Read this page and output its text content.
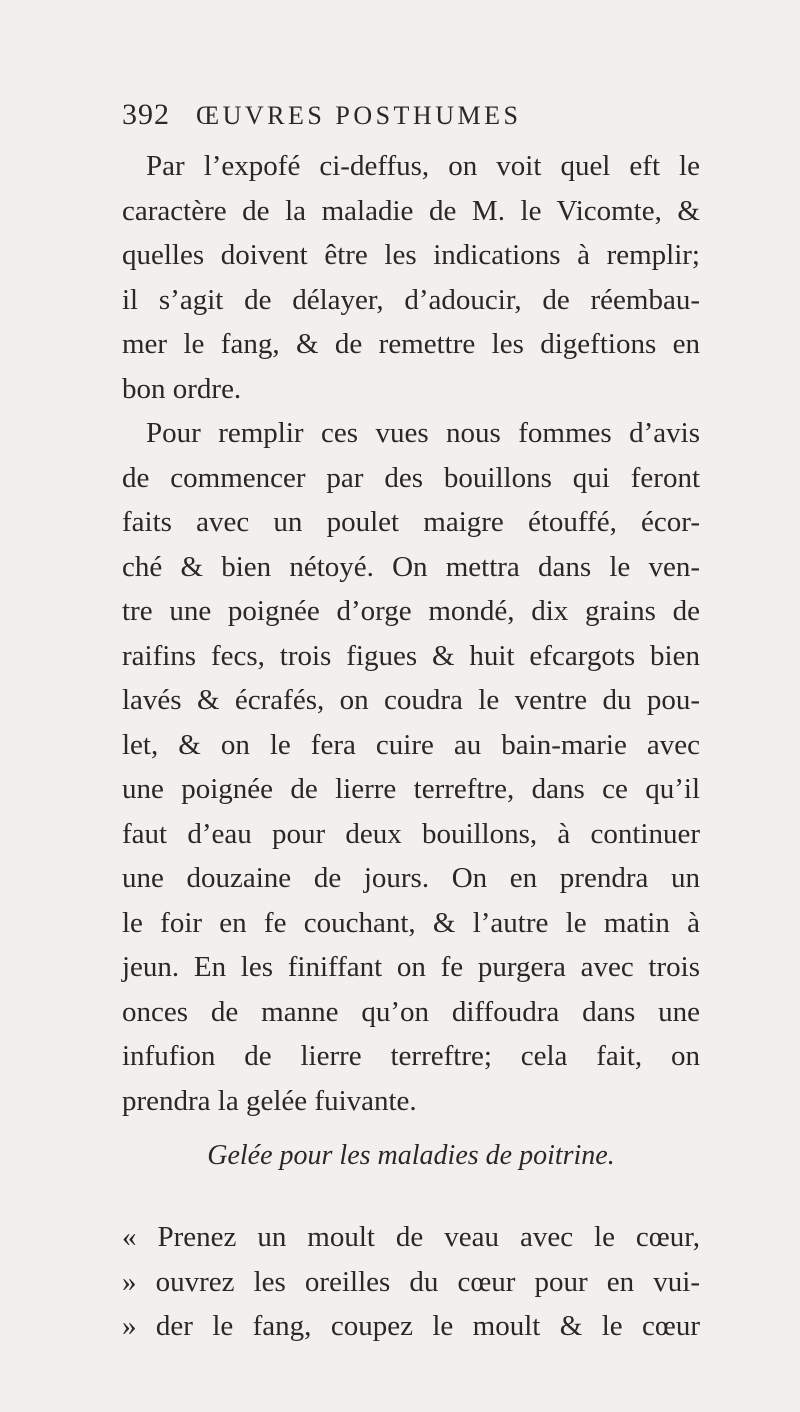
392 ŒUVRES POSTHUMES
Par l’expofé ci-deffus, on voit quel eft le
caractère de la maladie de M. le Vicomte, &
quelles doivent être les indications à remplir;
il s’agit de délayer, d’adoucir, de réembau-
mer le fang, & de remettre les digeftions en
bon ordre.
Pour remplir ces vues nous fommes d’avis
de commencer par des bouillons qui feront
faits avec un poulet maigre étouffé, écor-
ché & bien nétoyé. On mettra dans le ven-
tre une poignée d’orge mondé, dix grains de
raifins fecs, trois figues & huit efcargots bien
lavés & écrafés, on coudra le ventre du pou-
let, & on le fera cuire au bain-marie avec
une poignée de lierre terreftre, dans ce qu’il
faut d’eau pour deux bouillons, à continuer
une douzaine de jours. On en prendra un
le foir en fe couchant, & l’autre le matin à
jeun. En les finiffant on fe purgera avec trois
onces de manne qu’on diffoudra dans une
infufion de lierre terreftre; cela fait, on
prendra la gelée fuivante.
Gelée pour les maladies de poitrine.
« Prenez un moult de veau avec le cœur,
» ouvrez les oreilles du cœur pour en vui-
» der le fang, coupez le moult & le cœur
